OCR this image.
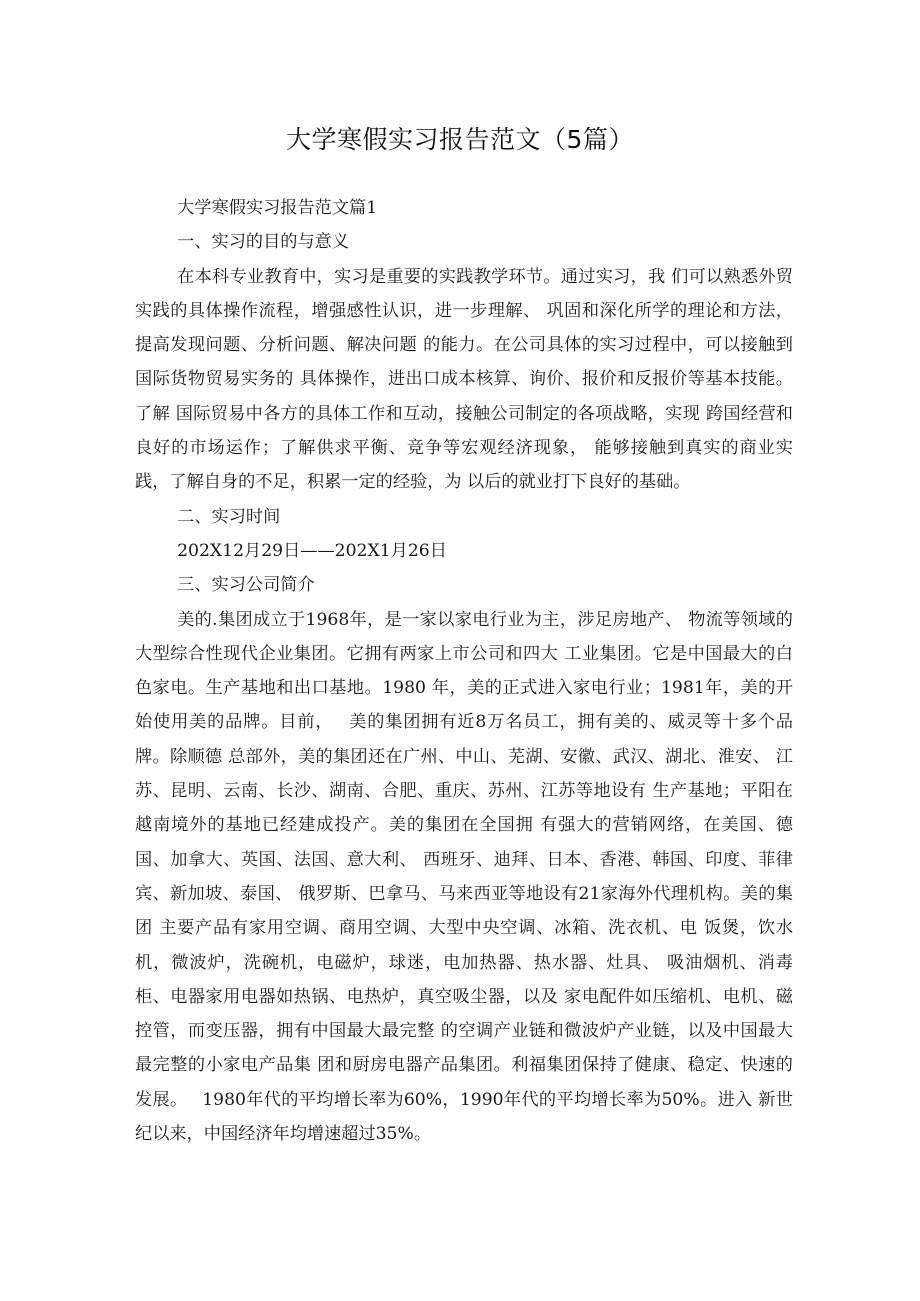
大学寒假实习报告范文（5篇）

大学寒假实习报告范文篇1

一、实习的目的与意义

在本科专业教育中，实习是重要的实践教学环节。通过实习，我 们可以熟悉外贸实践的具体操作流程，增强感性认识，进一步理解、 巩固和深化所学的理论和方法，提高发现问题、分析问题、解决问题 的能力。在公司具体的实习过程中，可以接触到国际货物贸易实务的 具体操作，进出口成本核算、询价、报价和反报价等基本技能。了解 国际贸易中各方的具体工作和互动，接触公司制定的各项战略，实现 跨国经营和良好的市场运作；了解供求平衡、竞争等宏观经济现象， 能够接触到真实的商业实践，了解自身的不足，积累一定的经验，为 以后的就业打下良好的基础。

二、实习时间

202X12月29日——202X1月26日

三、实习公司简介

美的.集团成立于1968年，是一家以家电行业为主，涉足房地产、 物流等领域的大型综合性现代企业集团。它拥有两家上市公司和四大 工业集团。它是中国最大的白色家电。生产基地和出口基地。1980 年，美的正式进入家电行业；1981年，美的开始使用美的品牌。目前，　 美的集团拥有近8万名员工，拥有美的、威灵等十多个品牌。除顺德 总部外，美的集团还在广州、中山、芜湖、安徽、武汉、湖北、淮安、 江苏、昆明、云南、长沙、湖南、合肥、重庆、苏州、江苏等地设有 生产基地；平阳在越南境外的基地已经建成投产。美的集团在全国拥 有强大的营销网络，在美国、德国、加拿大、英国、法国、意大利、 西班牙、迪拜、日本、香港、韩国、印度、菲律宾、新加坡、泰国、 俄罗斯、巴拿马、马来西亚等地设有21家海外代理机构。美的集团 主要产品有家用空调、商用空调、大型中央空调、冰箱、洗衣机、电 饭煲，饮水机，微波炉，洗碗机，电磁炉，球迷，电加热器、热水器、灶具、 吸油烟机、消毒柜、电器家用电器如热锅、电热炉，真空吸尘器，以及 家电配件如压缩机、电机、磁控管，而变压器，拥有中国最大最完整 的空调产业链和微波炉产业链，以及中国最大最完整的小家电产品集 团和厨房电器产品集团。利福集团保持了健康、稳定、快速的发展。　 1980年代的平均增长率为60%，1990年代的平均增长率为50%。进入 新世纪以来，中国经济年均增速超过35%。
